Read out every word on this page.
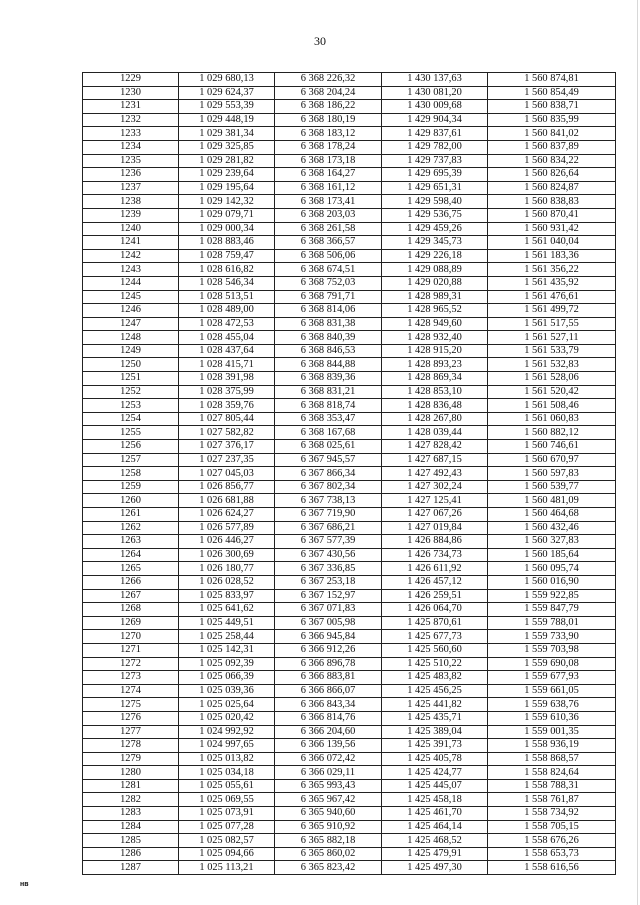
30
1229	1 029 680,13	6 368 226,32	1 430 137,63	1 560 874,81
1230	1 029 624,37	6 368 204,24	1 430 081,20	1 560 854,49
1231	1 029 553,39	6 368 186,22	1 430 009,68	1 560 838,71
1232	1 029 448,19	6 368 180,19	1 429 904,34	1 560 835,99
1233	1 029 381,34	6 368 183,12	1 429 837,61	1 560 841,02
1234	1 029 325,85	6 368 178,24	1 429 782,00	1 560 837,89
1235	1 029 281,82	6 368 173,18	1 429 737,83	1 560 834,22
1236	1 029 239,64	6 368 164,27	1 429 695,39	1 560 826,64
1237	1 029 195,64	6 368 161,12	1 429 651,31	1 560 824,87
1238	1 029 142,32	6 368 173,41	1 429 598,40	1 560 838,83
1239	1 029 079,71	6 368 203,03	1 429 536,75	1 560 870,41
1240	1 029 000,34	6 368 261,58	1 429 459,26	1 560 931,42
1241	1 028 883,46	6 368 366,57	1 429 345,73	1 561 040,04
1242	1 028 759,47	6 368 506,06	1 429 226,18	1 561 183,36
1243	1 028 616,82	6 368 674,51	1 429 088,89	1 561 356,22
1244	1 028 546,34	6 368 752,03	1 429 020,88	1 561 435,92
1245	1 028 513,51	6 368 791,71	1 428 989,31	1 561 476,61
1246	1 028 489,00	6 368 814,06	1 428 965,52	1 561 499,72
1247	1 028 472,53	6 368 831,38	1 428 949,60	1 561 517,55
1248	1 028 455,04	6 368 840,39	1 428 932,40	1 561 527,11
1249	1 028 437,64	6 368 846,53	1 428 915,20	1 561 533,79
1250	1 028 415,71	6 368 844,88	1 428 893,23	1 561 532,83
1251	1 028 391,98	6 368 839,36	1 428 869,34	1 561 528,06
1252	1 028 375,99	6 368 831,21	1 428 853,10	1 561 520,42
1253	1 028 359,76	6 368 818,74	1 428 836,48	1 561 508,46
1254	1 027 805,44	6 368 353,47	1 428 267,80	1 561 060,83
1255	1 027 582,82	6 368 167,68	1 428 039,44	1 560 882,12
1256	1 027 376,17	6 368 025,61	1 427 828,42	1 560 746,61
1257	1 027 237,35	6 367 945,57	1 427 687,15	1 560 670,97
1258	1 027 045,03	6 367 866,34	1 427 492,43	1 560 597,83
1259	1 026 856,77	6 367 802,34	1 427 302,24	1 560 539,77
1260	1 026 681,88	6 367 738,13	1 427 125,41	1 560 481,09
1261	1 026 624,27	6 367 719,90	1 427 067,26	1 560 464,68
1262	1 026 577,89	6 367 686,21	1 427 019,84	1 560 432,46
1263	1 026 446,27	6 367 577,39	1 426 884,86	1 560 327,83
1264	1 026 300,69	6 367 430,56	1 426 734,73	1 560 185,64
1265	1 026 180,77	6 367 336,85	1 426 611,92	1 560 095,74
1266	1 026 028,52	6 367 253,18	1 426 457,12	1 560 016,90
1267	1 025 833,97	6 367 152,97	1 426 259,51	1 559 922,85
1268	1 025 641,62	6 367 071,83	1 426 064,70	1 559 847,79
1269	1 025 449,51	6 367 005,98	1 425 870,61	1 559 788,01
1270	1 025 258,44	6 366 945,84	1 425 677,73	1 559 733,90
1271	1 025 142,31	6 366 912,26	1 425 560,60	1 559 703,98
1272	1 025 092,39	6 366 896,78	1 425 510,22	1 559 690,08
1273	1 025 066,39	6 366 883,81	1 425 483,82	1 559 677,93
1274	1 025 039,36	6 366 866,07	1 425 456,25	1 559 661,05
1275	1 025 025,64	6 366 843,34	1 425 441,82	1 559 638,76
1276	1 025 020,42	6 366 814,76	1 425 435,71	1 559 610,36
1277	1 024 992,92	6 366 204,60	1 425 389,04	1 559 001,35
1278	1 024 997,65	6 366 139,56	1 425 391,73	1 558 936,19
1279	1 025 013,82	6 366 072,42	1 425 405,78	1 558 868,57
1280	1 025 034,18	6 366 029,11	1 425 424,77	1 558 824,64
1281	1 025 055,61	6 365 993,43	1 425 445,07	1 558 788,31
1282	1 025 069,55	6 365 967,42	1 425 458,18	1 558 761,87
1283	1 025 073,91	6 365 940,60	1 425 461,70	1 558 734,92
1284	1 025 077,28	6 365 910,92	1 425 464,14	1 558 705,15
1285	1 025 082,57	6 365 882,18	1 425 468,52	1 558 676,26
1286	1 025 094,66	6 365 860,02	1 425 479,91	1 558 653,73
1287	1 025 113,21	6 365 823,42	1 425 497,30	1 558 616,56
нв
